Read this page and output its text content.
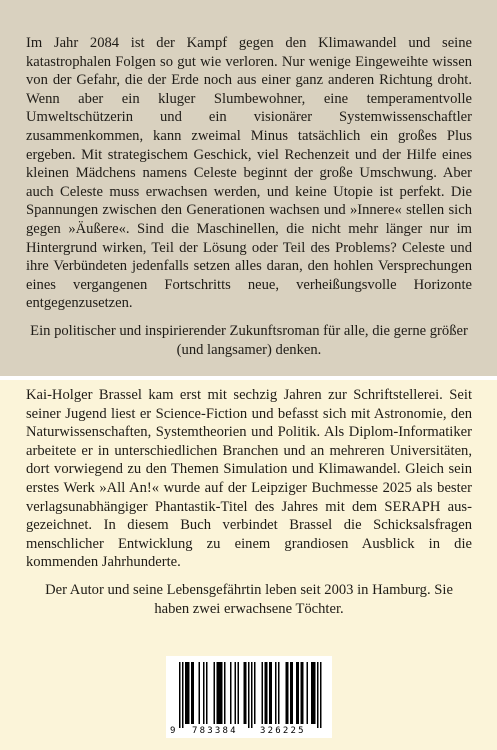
Im Jahr 2084 ist der Kampf gegen den Klimawandel und seine katastrophalen Folgen so gut wie verloren. Nur wenige Eingeweihte wissen von der Gefahr, die der Erde noch aus einer ganz anderen Richtung droht. Wenn aber ein kluger Slumbewohner, eine temperamentvolle Umweltschützerin und ein visionärer Systemwissenschaftler zusammenkommen, kann zweimal Minus tatsächlich ein großes Plus ergeben. Mit strategischem Geschick, viel Rechenzeit und der Hilfe eines kleinen Mädchens namens Celeste beginnt der große Umschwung. Aber auch Celeste muss erwachsen werden, und keine Utopie ist perfekt. Die Spannungen zwischen den Generationen wachsen und »Innere« stellen sich gegen »Äußere«. Sind die Maschinellen, die nicht mehr länger nur im Hintergrund wirken, Teil der Lösung oder Teil des Problems? Celeste und ihre Verbündeten jedenfalls setzen alles daran, den hohlen Versprechungen eines vergangenen Fortschritts neue, verheißungsvolle Horizonte entgegenzusetzen.

Ein politischer und inspirierender Zukunftsroman für alle, die gerne größer (und langsamer) denken.

Kai-Holger Brassel kam erst mit sechzig Jahren zur Schriftstellerei. Seit seiner Jugend liest er Science-Fiction und befasst sich mit Astronomie, den Naturwissenschaften, Systemtheorien und Politik. Als Diplom-Informatiker arbeitete er in unterschiedlichen Branchen und an mehreren Universitäten, dort vorwiegend zu den Themen Simulation und Klimawandel. Gleich sein erstes Werk »All An!« wurde auf der Leipziger Buchmesse 2025 als bester verlagsunabhängiger Phantastik-Titel des Jahres mit dem SERAPH ausgezeichnet. In diesem Buch verbindet Brassel die Schicksalsfragen menschlicher Entwicklung zu einem grandiosen Ausblick in die kommenden Jahrhunderte.

Der Autor und seine Lebensgefährtin leben seit 2003 in Hamburg. Sie haben zwei erwachsene Töchter.

9 783384 326225
